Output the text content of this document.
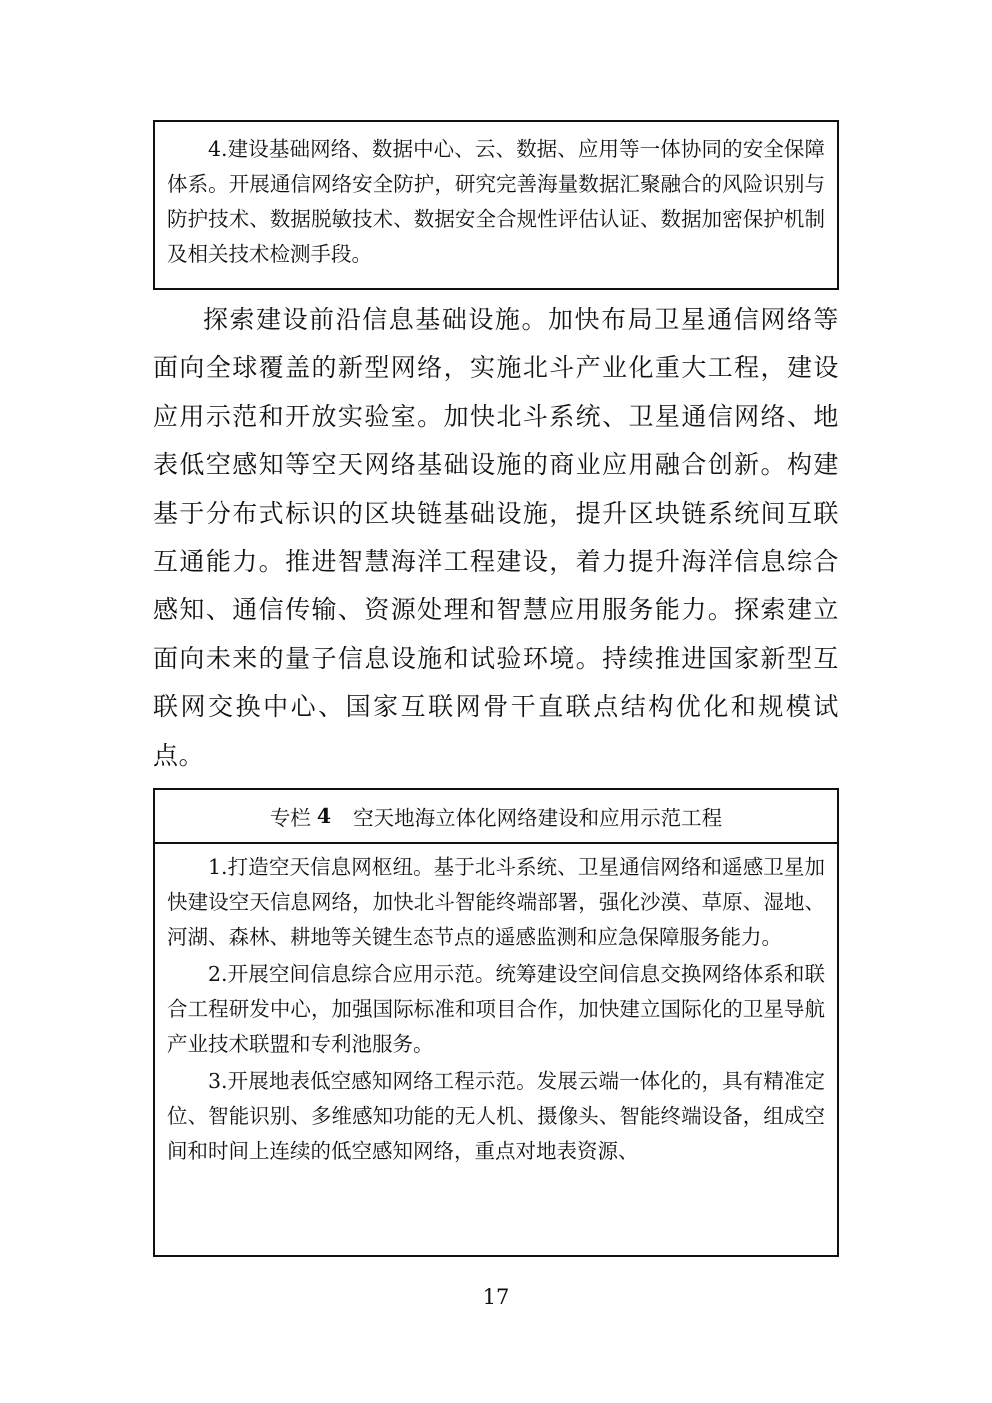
4.建设基础网络、数据中心、云、数据、应用等一体协同的安全保障体系。开展通信网络安全防护，研究完善海量数据汇聚融合的风险识别与防护技术、数据脱敏技术、数据安全合规性评估认证、数据加密保护机制及相关技术检测手段。

探索建设前沿信息基础设施。加快布局卫星通信网络等面向全球覆盖的新型网络，实施北斗产业化重大工程，建设应用示范和开放实验室。加快北斗系统、卫星通信网络、地表低空感知等空天网络基础设施的商业应用融合创新。构建基于分布式标识的区块链基础设施，提升区块链系统间互联互通能力。推进智慧海洋工程建设，着力提升海洋信息综合感知、通信传输、资源处理和智慧应用服务能力。探索建立面向未来的量子信息设施和试验环境。持续推进国家新型互联网交换中心、国家互联网骨干直联点结构优化和规模试点。

专栏 4 空天地海立体化网络建设和应用示范工程

1.打造空天信息网枢纽。基于北斗系统、卫星通信网络和遥感卫星加快建设空天信息网络，加快北斗智能终端部署，强化沙漠、草原、湿地、河湖、森林、耕地等关键生态节点的遥感监测和应急保障服务能力。

2.开展空间信息综合应用示范。统筹建设空间信息交换网络体系和联合工程研发中心，加强国际标准和项目合作，加快建立国际化的卫星导航产业技术联盟和专利池服务。

3.开展地表低空感知网络工程示范。发展云端一体化的，具有精准定位、智能识别、多维感知功能的无人机、摄像头、智能终端设备，组成空间和时间上连续的低空感知网络，重点对地表资源、

17
